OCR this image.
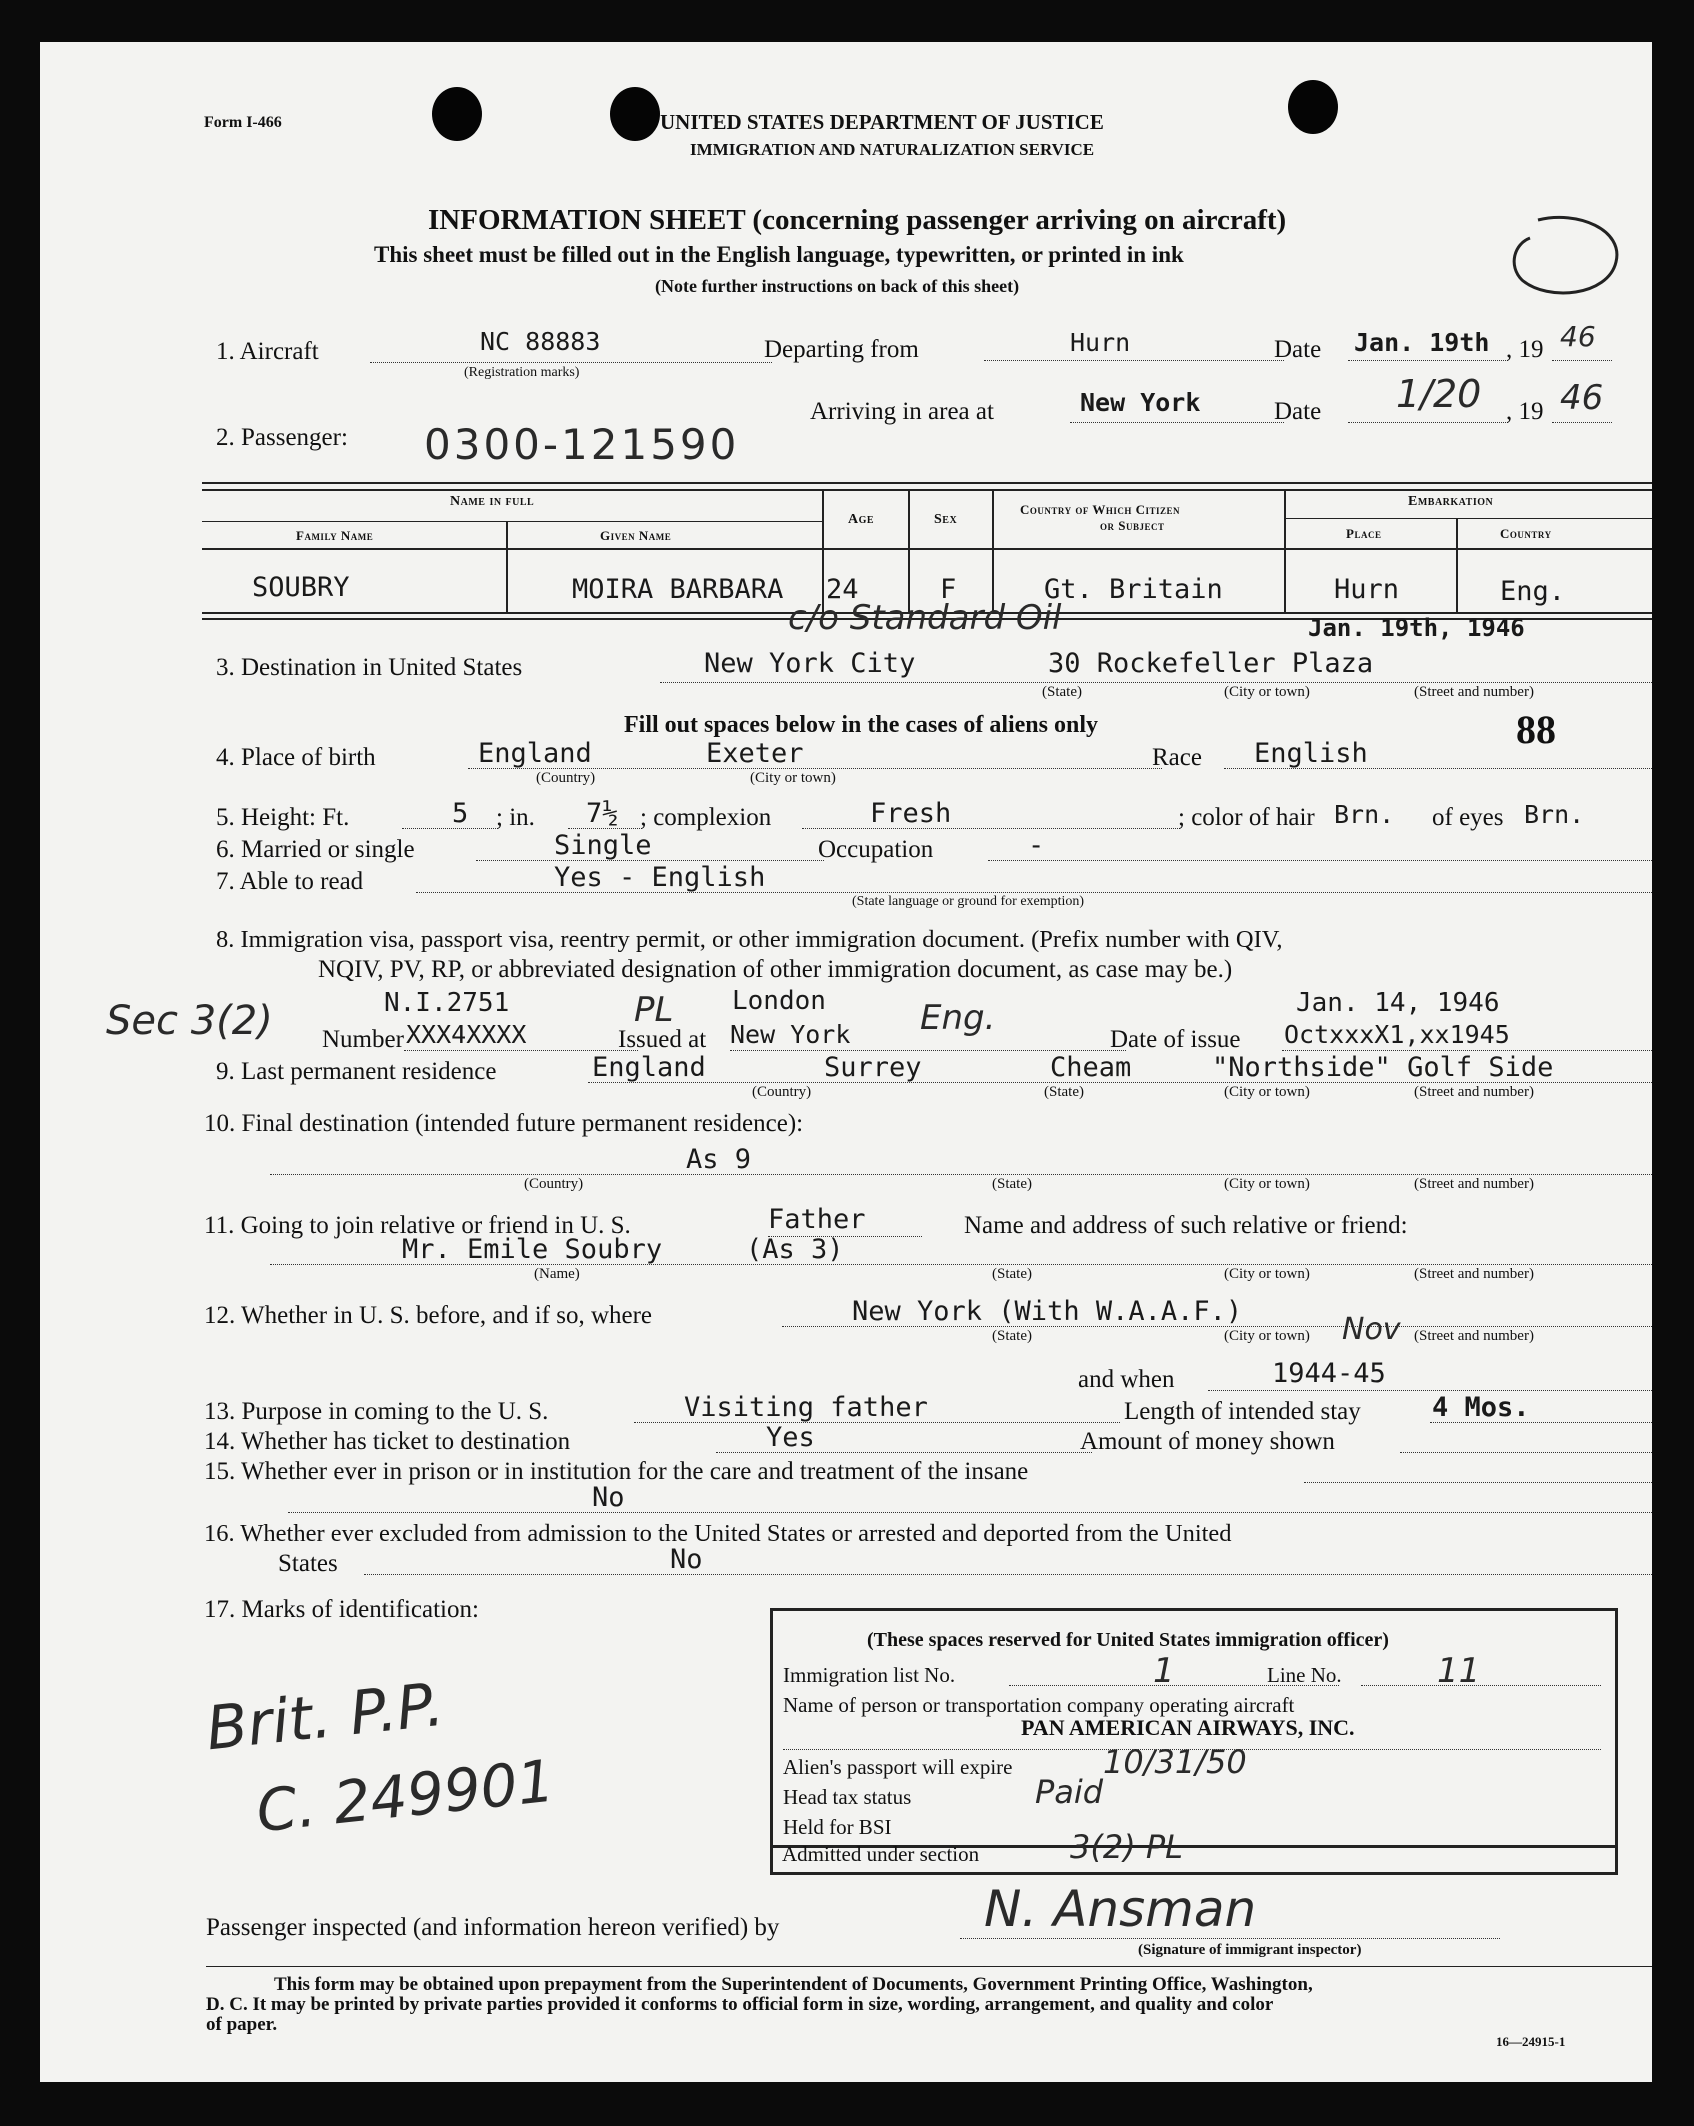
Form I-466	UNITED STATES DEPARTMENT OF JUSTICE
IMMIGRATION AND NATURALIZATION SERVICE
INFORMATION SHEET (concerning passenger arriving on aircraft)
This sheet must be filled out in the English language, typewritten, or printed in ink
(Note further instructions on back of this sheet)
1. Aircraft	NC 88883
(Registration marks)
Departing from	Hurn	Date Jan. 19th , 19 46
Arriving in area at	New York	Date 1/20 , 19 46
2. Passenger: 0300-121590
Name in full
Family Name	Given Name
Age	Sex
Country of Which Citizen
or Subject
Embarkation
Place	Country
SOUBRY	MOIRA BARBARA 24	F	Gt. Britain	Hurn	Eng.
Jan. 19th, 1946
c/o Standard Oil
3. Destination in United States	New York City	30 Rockefeller Plaza
(State)	(City or town)	(Street and number)
Fill out spaces below in the cases of aliens only	88
4. Place of birth	England	Exeter
(Country)	(City or town)
Race English
5. Height: Ft.	5 ; in. 7½ ; complexion	Fresh	; color of hair Brn. of eyes Brn.
6. Married or single	Single	Occupation	-
7. Able to read	Yes - English
(State language or ground for exemption)
8. Immigration visa, passport visa, reentry permit, or other immigration document. (Prefix number with QIV,
NQIV, PV, RP, or abbreviated designation of other immigration document, as case may be.)
Sec 3(2)	N.I.2751	PL London	Eng.	Jan. 14, 1946
Number XXX4XXXX	Issued at New York	Date of issue OctxxxX1,xx1945
9. Last permanent residence	England	Surrey	Cheam	"Northside" Golf Side
(Country)	(State)	(City or town)	(Street and number)
10. Final destination (intended future permanent residence):
As 9
(Country)	(State)	(City or town)	(Street and number)
11. Going to join relative or friend in U. S.	Father	Name and address of such relative or friend:
Mr. Emile Soubry	(As 3)
(Name)	(State)	(City or town)	(Street and number)
12. Whether in U. S. before, and if so, where	New York (With W.A.A.F.)
(State)	(City or town)	(Street and number)
Nov
and when	1944-45
13. Purpose in coming to the U. S.	Visiting father	Length of intended stay	4 Mos.
14. Whether has ticket to destination	Yes	Amount of money shown
15. Whether ever in prison or in institution for the care and treatment of the insane
No
16. Whether ever excluded from admission to the United States or arrested and deported from the United
States	No
17. Marks of identification:
Brit. P.P.
C. 249901
(These spaces reserved for United States immigration officer)
Immigration list No.	1	Line No.	11
Name of person or transportation company operating aircraft
PAN AMERICAN AIRWAYS, INC.
Alien's passport will expire	10/31/50
Head tax status	Paid
Held for BSI
Admitted under section	3(2) PL
Passenger inspected (and information hereon verified) by	N. Ansman
(Signature of immigrant inspector)
This form may be obtained upon prepayment from the Superintendent of Documents, Government Printing Office, Washington,
D. C. It may be printed by private parties provided it conforms to official form in size, wording, arrangement, and quality and color
of paper.
16—24915-1
